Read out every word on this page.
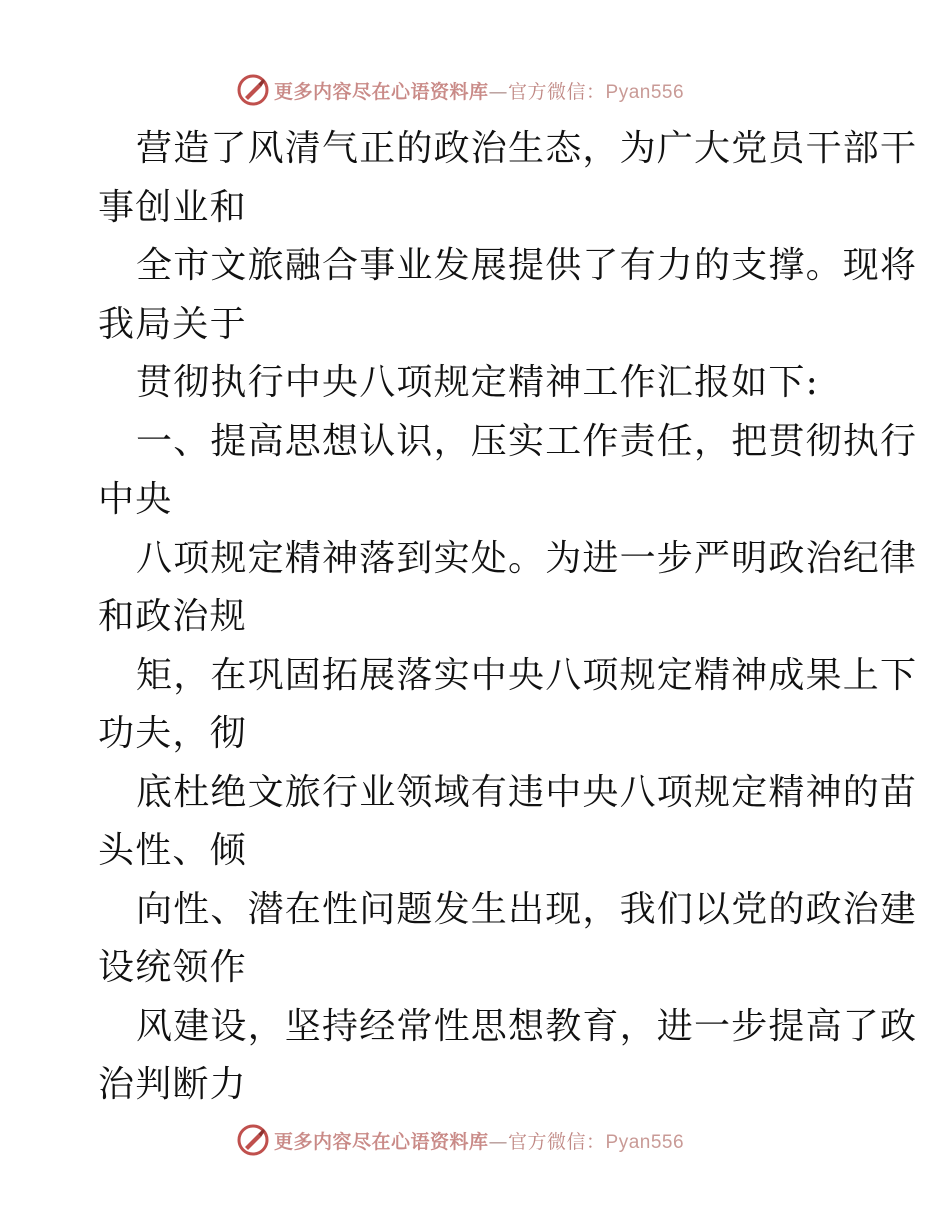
更多内容尽在心语资料库—官方微信：Pyan556
营造了风清气正的政治生态，为广大党员干部干
事创业和
全市文旅融合事业发展提供了有力的支撑。现将
我局关于
贯彻执行中央八项规定精神工作汇报如下:
一、提高思想认识，压实工作责任，把贯彻执行
中央
八项规定精神落到实处。为进一步严明政治纪律
和政治规
矩，在巩固拓展落实中央八项规定精神成果上下
功夫，彻
底杜绝文旅行业领域有违中央八项规定精神的苗
头性、倾
向性、潜在性问题发生出现，我们以党的政治建
设统领作
风建设，坚持经常性思想教育，进一步提高了政
治判断力
更多内容尽在心语资料库—官方微信：Pyan556
